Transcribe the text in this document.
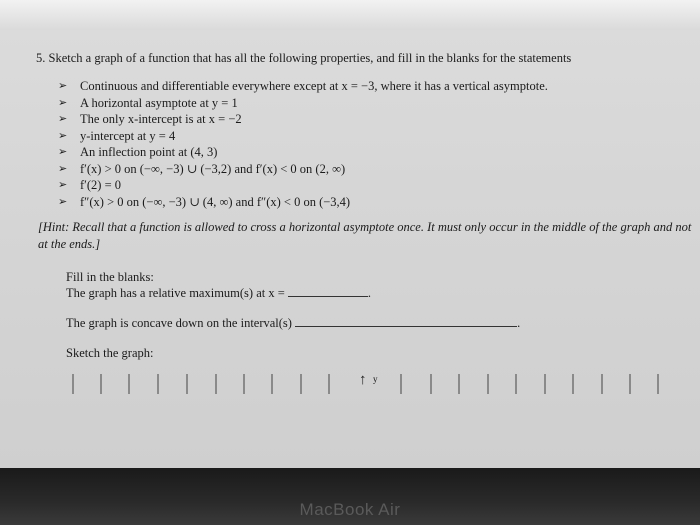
5. Sketch a graph of a function that has all the following properties, and fill in the blanks for the statements
➢ Continuous and differentiable everywhere except at x = −3, where it has a vertical asymptote.
➢ A horizontal asymptote at y = 1
➢ The only x-intercept is at x = −2
➢ y-intercept at y = 4
➢ An inflection point at (4, 3)
➢ f′(x) > 0 on (−∞, −3) ∪ (−3,2) and f′(x) < 0 on (2, ∞)
➢ f′(2) = 0
➢ f″(x) > 0 on (−∞, −3) ∪ (4, ∞) and f″(x) < 0 on (−3,4)
[Hint: Recall that a function is allowed to cross a horizontal asymptote once. It must only occur in the middle of the graph and not at the ends.]
Fill in the blanks:
The graph has a relative maximum(s) at x =	.
The graph is concave down on the interval(s)	.
Sketch the graph:
↑ y
MacBook Air
